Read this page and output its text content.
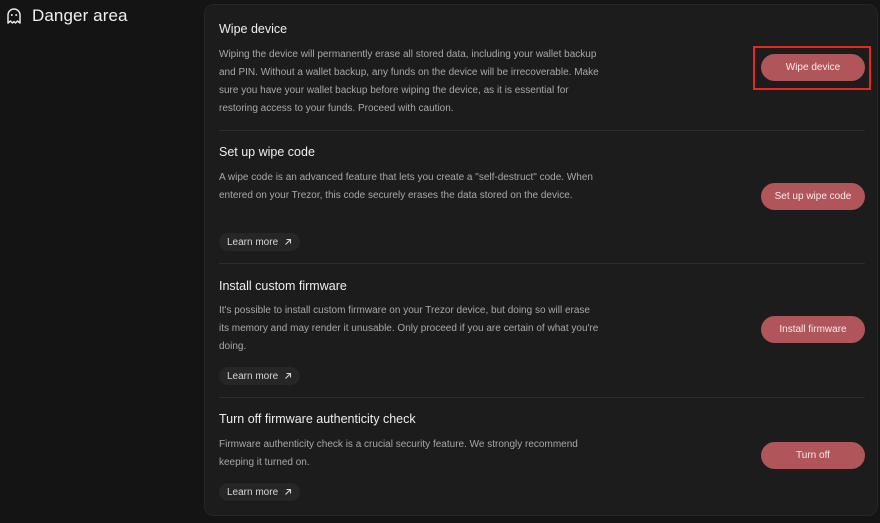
Danger area
Wipe device
Wiping the device will permanently erase all stored data, including your wallet backup and PIN. Without a wallet backup, any funds on the device will be irrecoverable. Make sure you have your wallet backup before wiping the device, as it is essential for restoring access to your funds. Proceed with caution.
Wipe device
Set up wipe code
A wipe code is an advanced feature that lets you create a "self-destruct" code. When entered on your Trezor, this code securely erases the data stored on the device.
Learn more
Set up wipe code
Install custom firmware
It's possible to install custom firmware on your Trezor device, but doing so will erase its memory and may render it unusable. Only proceed if you are certain of what you're doing.
Learn more
Install firmware
Turn off firmware authenticity check
Firmware authenticity check is a crucial security feature. We strongly recommend keeping it turned on.
Learn more
Turn off
